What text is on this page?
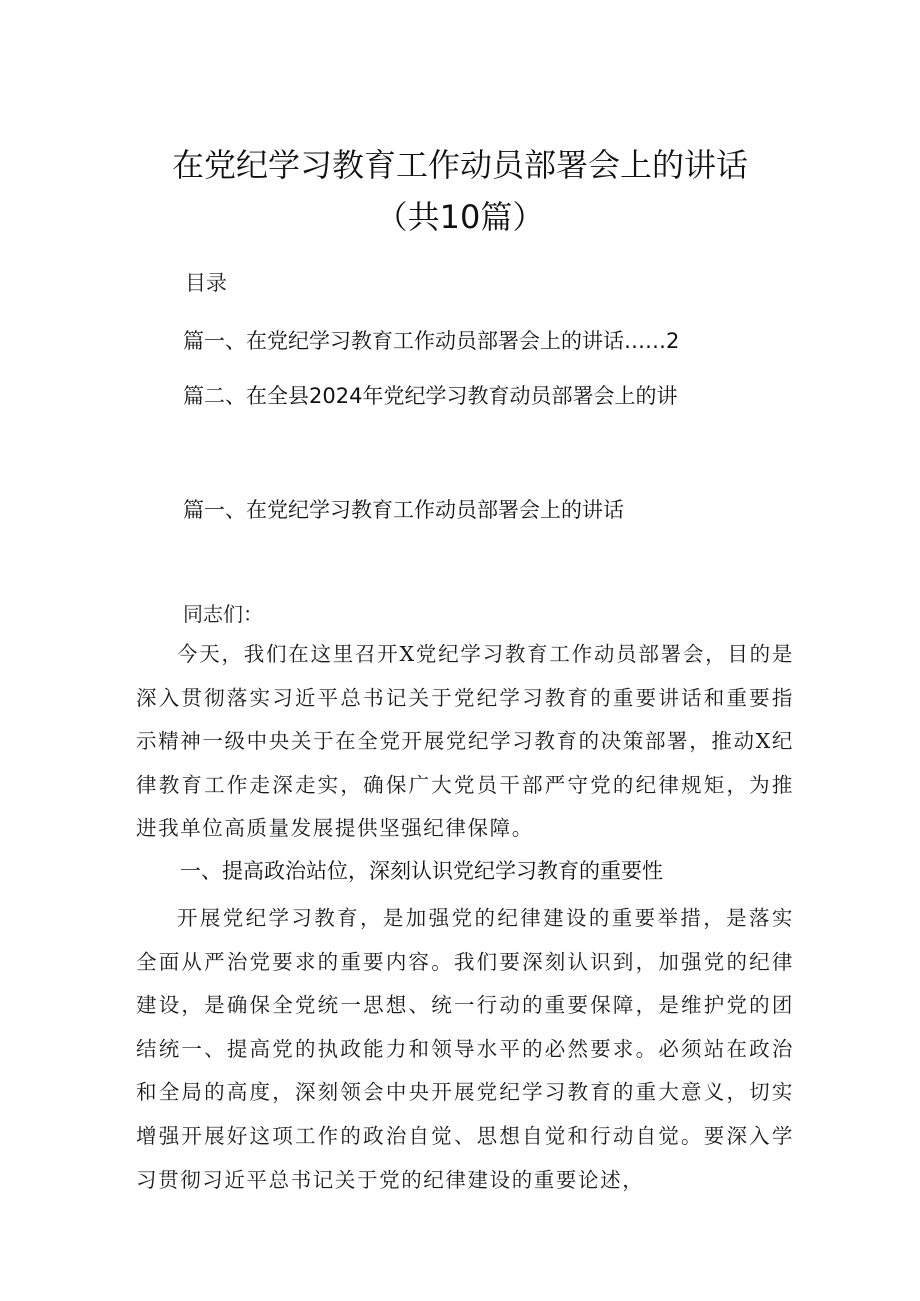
在党纪学习教育工作动员部署会上的讲话
（共10篇）
目录
篇一、在党纪学习教育工作动员部署会上的讲话……2
篇二、在全县2024年党纪学习教育动员部署会上的讲
篇一、在党纪学习教育工作动员部署会上的讲话
同志们：

今天，我们在这里召开X党纪学习教育工作动员部署会，目的是深入贯彻落实习近平总书记关于党纪学习教育的重要讲话和重要指示精神一级中央关于在全党开展党纪学习教育的决策部署，推动X纪律教育工作走深走实，确保广大党员干部严守党的纪律规矩，为推进我单位高质量发展提供坚强纪律保障。

一、提高政治站位，深刻认识党纪学习教育的重要性

开展党纪学习教育，是加强党的纪律建设的重要举措，是落实全面从严治党要求的重要内容。我们要深刻认识到，加强党的纪律建设，是确保全党统一思想、统一行动的重要保障，是维护党的团结统一、提高党的执政能力和领导水平的必然要求。必须站在政治和全局的高度，深刻领会中央开展党纪学习教育的重大意义，切实增强开展好这项工作的政治自觉、思想自觉和行动自觉。要深入学习贯彻习近平总书记关于党的纪律建设的重要论述，
